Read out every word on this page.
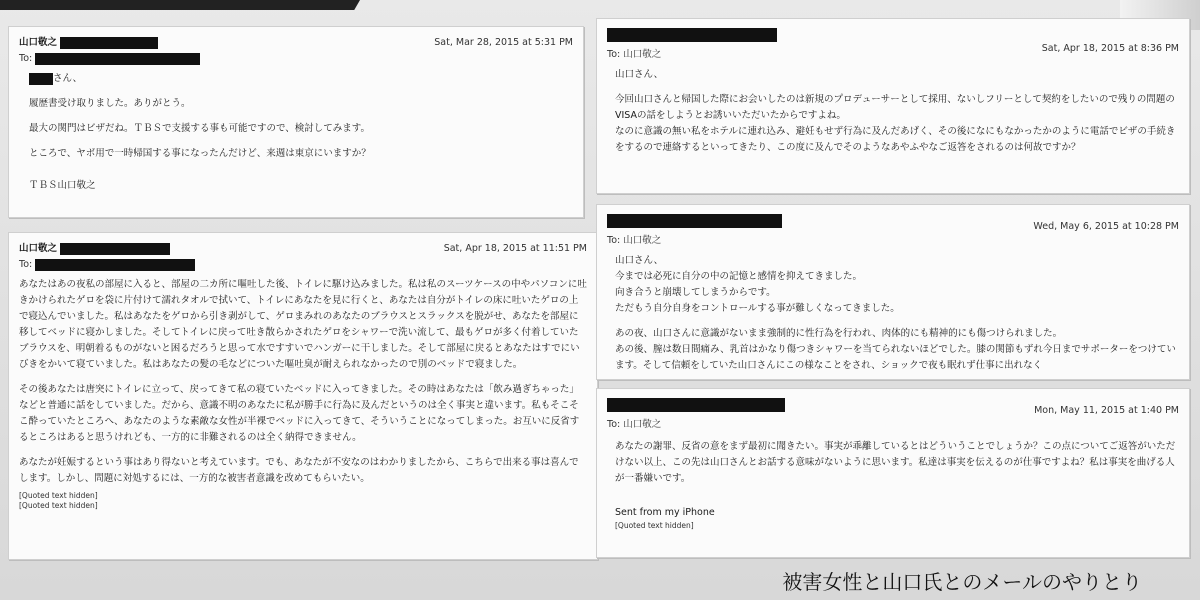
山口敬之	Sat, Mar 28, 2015 at 5:31 PM
To:

さん、

履歴書受け取りました。ありがとう。

最大の関門はビザだね。ＴＢＳで支援する事も可能ですので、検討してみます。

ところで、ヤボ用で一時帰国する事になったんだけど、来週は東京にいますか？

ＴＢＳ山口敬之

山口敬之	Sat, Apr 18, 2015 at 11:51 PM
To:

あなたはあの夜私の部屋に入ると、部屋の二カ所に嘔吐した後、トイレに駆け込みました。私は私のスーツケースの中やパソコンに吐きかけられたゲロを袋に片付けて濡れタオルで拭いて、トイレにあなたを見に行くと、あなたは自分がトイレの床に吐いたゲロの上で寝込んでいました。私はあなたをゲロから引き剥がして、ゲロまみれのあなたのブラウスとスラックスを脱がせ、あなたを部屋に移してベッドに寝かしました。そしてトイレに戻って吐き散らかされたゲロをシャワーで洗い流して、最もゲロが多く付着していたブラウスを、明朝着るものがないと困るだろうと思って水ですすいでハンガーに干しました。そして部屋に戻るとあなたはすでにいびきをかいて寝ていました。私はあなたの髪の毛などについた嘔吐臭が耐えられなかったので別のベッドで寝ました。

その後あなたは唐突にトイレに立って、戻ってきて私の寝ていたベッドに入ってきました。その時はあなたは「飲み過ぎちゃった」などと普通に話をしていました。だから、意識不明のあなたに私が勝手に行為に及んだというのは全く事実と違います。私もそこそこ酔っていたところへ、あなたのような素敵な女性が半裸でベッドに入ってきて、そういうことになってしまった。お互いに反省するところはあると思うけれども、一方的に非難されるのは全く納得できません。

あなたが妊娠するという事はあり得ないと考えています。でも、あなたが不安なのはわかりましたから、こちらで出来る事は喜んでします。しかし、問題に対処するには、一方的な被害者意識を改めてもらいたい。

[Quoted text hidden]

[Quoted text hidden]

Sat, Apr 18, 2015 at 8:36 PM
To: 山口敬之

山口さん、

今回山口さんと帰国した際にお会いしたのは新規のプロデューサーとして採用、ないしフリーとして契約をしたいので残りの問題のVISAの話をしようとお誘いいただいたからですよね。

なのに意識の無い私をホテルに連れ込み、避妊もせず行為に及んだあげく、その後になにもなかったかのように電話でビザの手続きをするので連絡するといってきたり、この度に及んでそのようなあやふやなご返答をされるのは何故ですか？

Wed, May 6, 2015 at 10:28 PM
To: 山口敬之

山口さん、
今までは必死に自分の中の記憶と感情を抑えてきました。
向き合うと崩壊してしまうからです。
ただもう自分自身をコントロールする事が難しくなってきました。

あの夜、山口さんに意識がないまま強制的に性行為を行われ、肉体的にも精神的にも傷つけられました。
あの後、膣は数日間痛み、乳首はかなり傷つきシャワーを当てられないほどでした。膝の関節もずれ今日までサポーターをつけています。そして信頼をしていた山口さんにこの様なことをされ、ショックで夜も眠れず仕事に出れなく

Mon, May 11, 2015 at 1:40 PM
To: 山口敬之

あなたの謝罪、反省の意をまず最初に聞きたい。事実が乖離しているとはどういうことでしょうか？この点についてご返答がいただけない以上、この先は山口さんとお話する意味がないように思います。私達は事実を伝えるのが仕事ですよね？私は事実を曲げる人が一番嫌いです。

Sent from my iPhone

[Quoted text hidden]

被害女性と山口氏とのメールのやりとり
